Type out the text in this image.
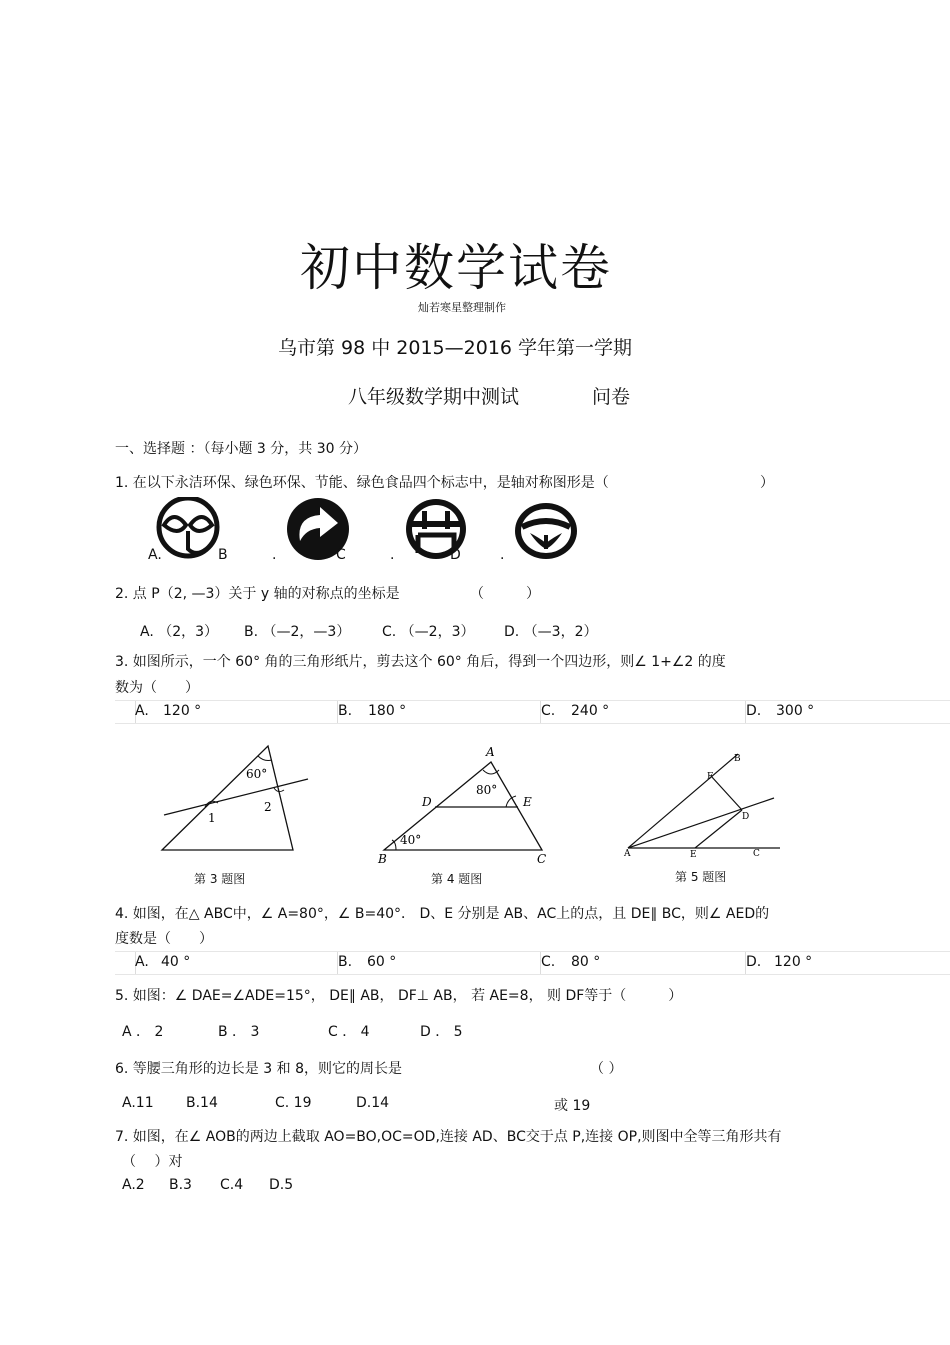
初中数学试卷
灿若寒星整理制作
乌市第 98 中 2015—2016 学年第一学期
八年级数学期中测试	问卷
一、选择题 ：（每小题 3 分，共 30 分）
1. 在以下永洁环保、绿色环保、节能、绿色食品四个标志中，是轴对称图形是（	）
A.	B	.	C	.	D	.
2. 点 P（2, —3）关于 y 轴的对称点的坐标是	（　　　）
A. （2，3） B. （—2，—3） C. （—2，3） D. （—3，2）
3. 如图所示，一个 60° 角的三角形纸片，剪去这个 60° 角后，得到一个四边形，则∠ 1+∠2 的度
数为（　　）
A. 120 °	B. 180 °	C. 240 °	D. 300 °
60°
1
2
A
80°
D	E
40°
B	C
B
F
D
A	E	C
第 3 题图	第 4 题图	第 5 题图
4. 如图，在△ ABC中，∠ A=80°，∠ B=40°． D、E 分别是 AB、AC上的点，且 DE∥ BC，则∠ AED的
度数是（　　）
A. 40 °	B. 60 °	C. 80 °	D. 120 °
5. 如图：∠ DAE=∠ADE=15°， DE∥ AB， DF⊥ AB， 若 AE=8， 则 DF等于（　　　）
A ． 2	B ． 3	C ． 4	D ． 5
6. 等腰三角形的边长是 3 和 8，则它的周长是	（ ）
A.11 B.14	C. 19	D.14	或 19
7. 如图，在∠ AOB的两边上截取 AO=BO,OC=OD,连接 AD、BC交于点 P,连接 OP,则图中全等三角形共有
（　 ）对
A.2 B.3 C.4 D.5
